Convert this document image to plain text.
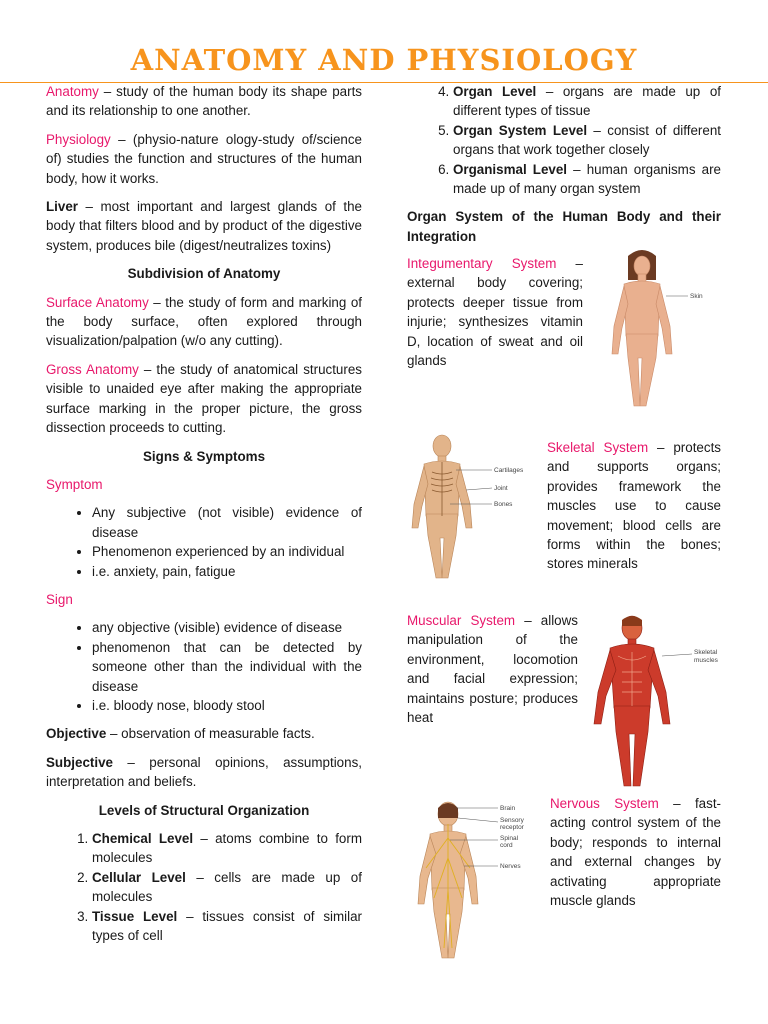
ANATOMY AND PHYSIOLOGY

Anatomy – study of the human body its shape parts and its relationship to one another.

Physiology – (physio-nature ology-study of/science of) studies the function and structures of the human body, how it works.

Liver – most important and largest glands of the body that filters blood and by product of the digestive system, produces bile (digest/neutralizes toxins)

Subdivision of Anatomy

Surface Anatomy – the study of form and marking of the body surface, often explored through visualization/palpation (w/o any cutting).

Gross Anatomy – the study of anatomical structures visible to unaided eye after making the appropriate surface marking in the proper picture, the gross dissection proceeds to cutting.

Signs & Symptoms

Symptom

• Any subjective (not visible) evidence of disease
• Phenomenon experienced by an individual
• i.e. anxiety, pain, fatigue

Sign

• any objective (visible) evidence of disease
• phenomenon that can be detected by someone other than the individual with the disease
• i.e. bloody nose, bloody stool

Objective – observation of measurable facts.

Subjective – personal opinions, assumptions, interpretation and beliefs.

Levels of Structural Organization
1. Chemical Level – atoms combine to form molecules
2. Cellular Level – cells are made up of molecules
3. Tissue Level – tissues consist of similar types of cell
4. Organ Level – organs are made up of different types of tissue
5. Organ System Level – consist of different organs that work together closely
6. Organismal Level – human organisms are made up of many organ system

Organ System of the Human Body and their Integration

Integumentary System – external body covering; protects deeper tissue from injurie; synthesizes vitamin D, location of sweat and oil glands
Skin
Cartilages
Joint
Bones
Skeletal System – protects and supports organs; provides framework the muscles use to cause movement; blood cells are forms within the bones; stores minerals
Muscular System – allows manipulation of the environment, locomotion and facial expression; maintains posture; produces heat
Skeletal
muscles
Brain
Sensory
receptor
Spinal
cord
Nerves
Nervous System – fast-acting control system of the body; responds to internal and external changes by activating appropriate muscle glands
